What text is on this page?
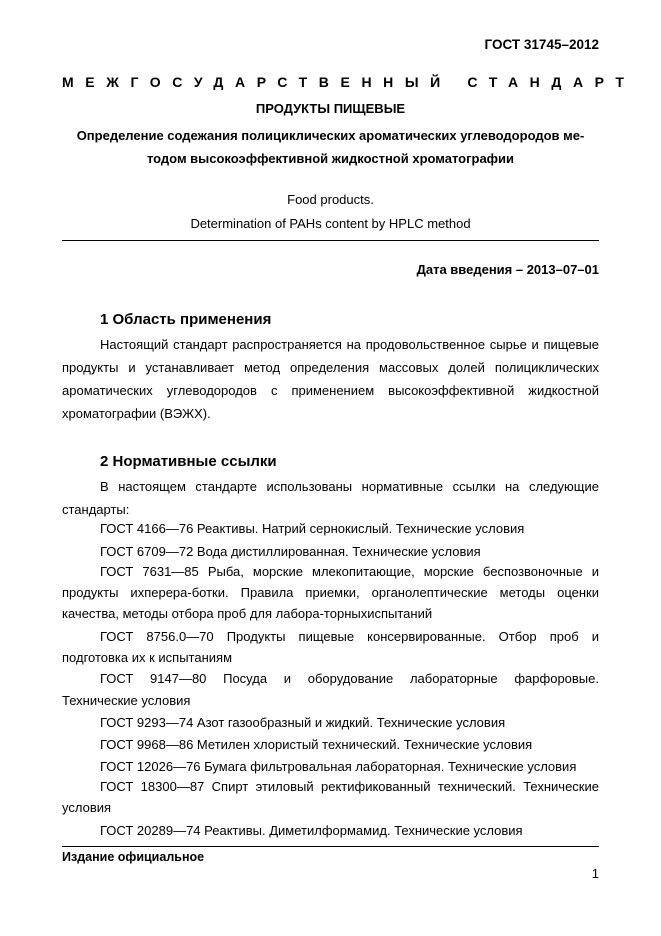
ГОСТ 31745–2012
МЕЖГОСУДАРСТВЕННЫЙ СТАНДАРТ
ПРОДУКТЫ ПИЩЕВЫЕ
Определение содежания полициклических ароматических углеводородов ме-
тодом высокоэффективной жидкостной хроматографии
Food products.
Determination of PAHs content by HPLC method
Дата введения – 2013–07–01
1 Область применения
Настоящий стандарт распространяется на продовольственное сырье и пищевые продукты и устанавливает метод определения массовых долей полициклических ароматических углеводородов с применением высокоэффективной жидкостной хроматографии (ВЭЖХ).
2 Нормативные ссылки
В настоящем стандарте использованы нормативные ссылки на следующие стандарты:
ГОСТ 4166—76 Реактивы. Натрий сернокислый. Технические условия
ГОСТ 6709—72 Вода дистиллированная. Технические условия
ГОСТ 7631—85 Рыба, морские млекопитающие, морские беспозвоночные и продукты ихперера-ботки. Правила приемки, органолептические методы оценки качества, методы отбора проб для лабора-торныхиспытаний
ГОСТ 8756.0—70 Продукты пищевые консервированные. Отбор проб и подготовка их к испытаниям
ГОСТ 9147—80 Посуда и оборудование лабораторные фарфоровые. Технические условия
ГОСТ 9293—74 Азот газообразный и жидкий. Технические условия
ГОСТ 9968—86 Метилен хлористый технический. Технические условия
ГОСТ 12026—76 Бумага фильтровальная лабораторная. Технические условия
ГОСТ 18300—87 Спирт этиловый ректификованный технический. Технические условия
ГОСТ 20289—74 Реактивы. Диметилформамид. Технические условия
Издание официальное
1
